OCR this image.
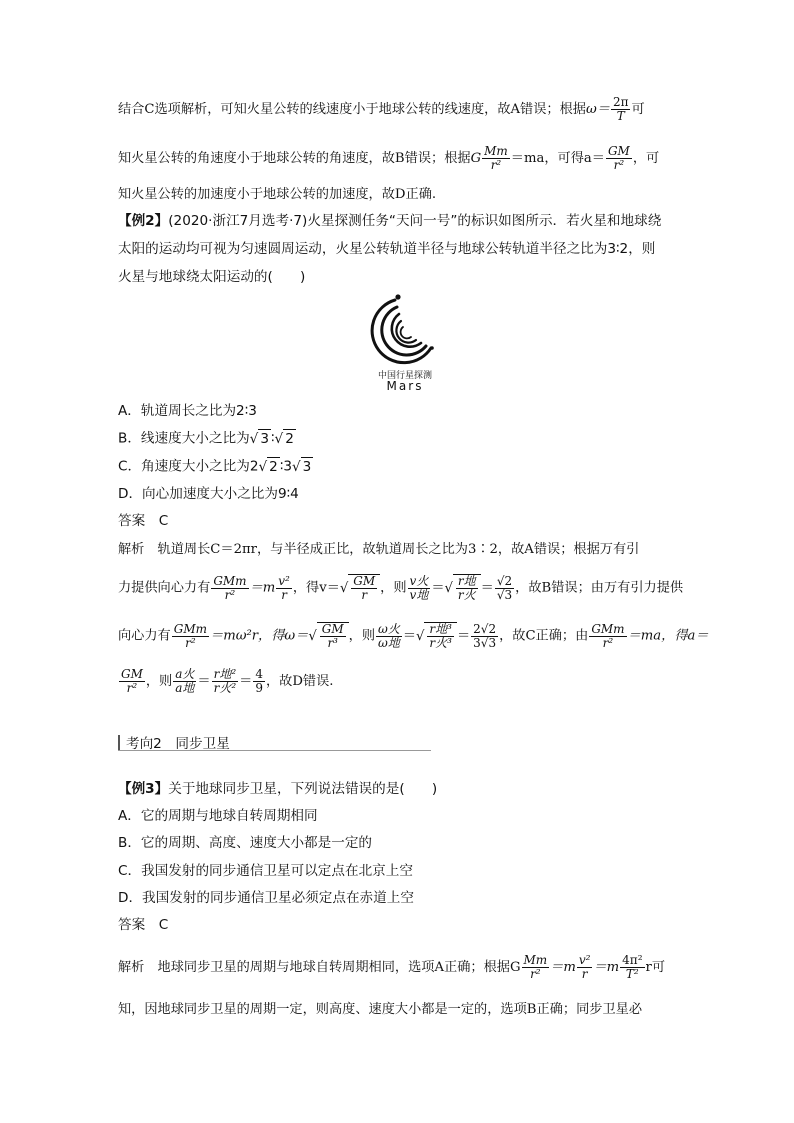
结合C选项解析，可知火星公转的线速度小于地球公转的线速度，故A错误；根据$\omega= \frac{2\pi}{T}$ 可
知火星公转的角速度小于地球公转的角速度，故B错误；根据G $\frac{Mm}{\text{r²}} =ma$，可得$a= \frac{GM}{\text{r²}}$ ，可
知火星公转的加速度小于地球公转的加速度，故D正确.
【例2】(2020·浙江7月选考·7)火星探测任务“天问一号”的标识如图所示．若火星和地球绕
太阳的运动均可视为匀速圆周运动，火星公转轨道半径与地球公转轨道半径之比为3∶2，则
火星与地球绕太阳运动的(　　)
中国行星探测
Mars
A．轨道周长之比为2∶3
B．线速度大小之比为√ 3 ∶√ 2
C．角速度大小之比为2√ 2 ∶3√ 3
D．向心加速度大小之比为9∶4
答案　C
解析　轨道周长C＝2πr，与半径成正比，故轨道周长之比为3∶2，故A错误；根据万有引
力提供向心力有 $\frac{\text{GMm}}{\text{r²}} =m \frac{\text{v²}}{r}$ ，得$v=√ \frac{GM}{r}$ ，则 $\frac{\text{v火}}{\text{v地}}$ ＝√ $\frac{\text{r地}}{\text{r火}} = \frac{√2}{√3}$ ，故B错误；由万有引力提供
向心力有 $\frac{\text{GMm}}{\text{r²}} =m\omega^2r$，得$\omega=√ \frac{GM}{\text{r³}}$ ，则 $\frac{\text{ω火}}{\text{ω地}}$ ＝√ $\frac{\text{r地³}}{\text{r火³}} = \frac{2√2}{3√3}$ ，故C正确；由 $\frac{\text{GMm}}{\text{r²}} =ma$，得a＝
$\frac{GM}{\text{r²}}$ ，则 $\frac{\text{a火}}{\text{a地}} = \frac{\text{r地²}}{\text{r火²}} = \frac{4}{9}$ ，故D错误.
考向2　同步卫星
【例3】关于地球同步卫星，下列说法错误的是(　　)
A．它的周期与地球自转周期相同
B．它的周期、高度、速度大小都是一定的
C．我国发射的同步通信卫星可以定点在北京上空
D．我国发射的同步通信卫星必须定点在赤道上空
答案　C
解析　地球同步卫星的周期与地球自转周期相同，选项A正确；根据G $\frac{Mm}{\text{r²}} =m \frac{\text{v²}}{r} =m \frac{\text{4π²}}{\text{T²}}$ r可
知，因地球同步卫星的周期一定，则高度、速度大小都是一定的，选项B正确；同步卫星必
